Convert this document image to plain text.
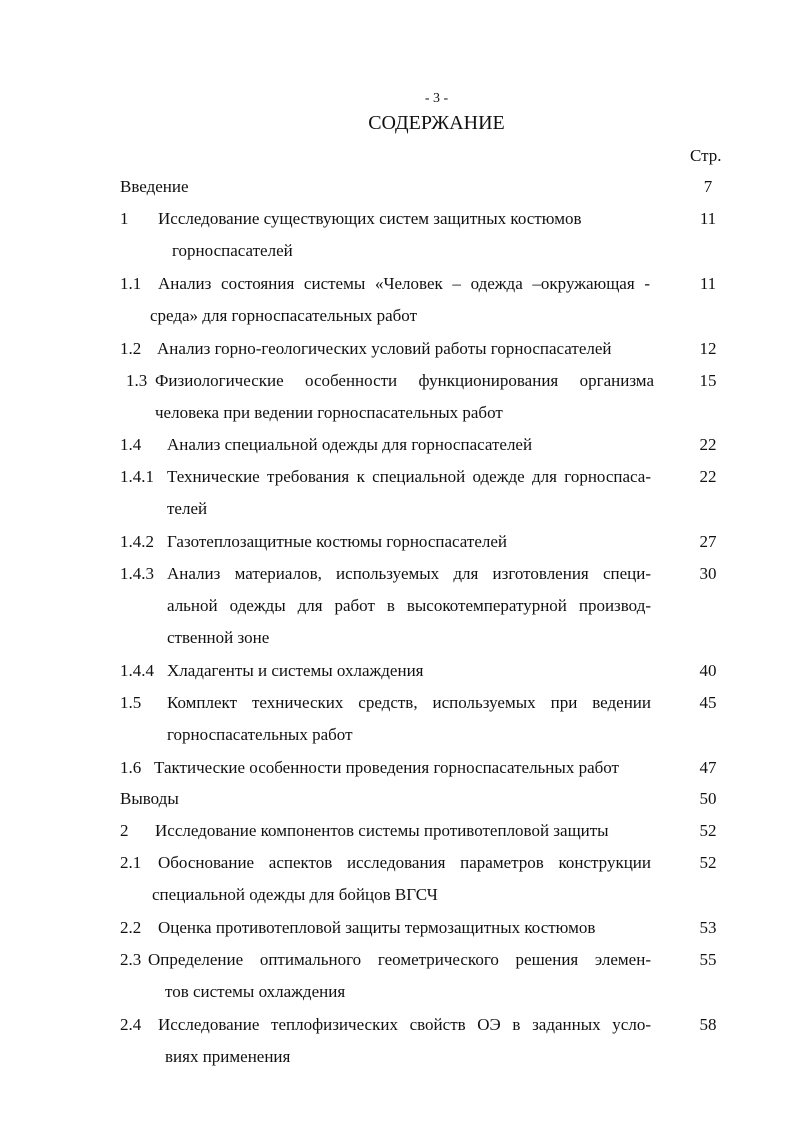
- 3 -
СОДЕРЖАНИЕ
Стр.
Введение	7
1 Исследование существующих систем защитных костюмов
горноспасателей
11
1.1 Анализ состояния системы «Человек – одежда –окружающая -
среда» для горноспасательных работ
11
1.2 Анализ горно-геологических условий работы горноспасателей	12
1.3 Физиологические особенности функционирования организма
человека при ведении горноспасательных работ
15
1.4 Анализ специальной одежды для горноспасателей	22
1.4.1 Технические требования к специальной одежде для горноспаса-
телей
22
1.4.2 Газотеплозащитные костюмы горноспасателей	27
1.4.3 Анализ материалов, используемых для изготовления специ-
альной одежды для работ в высокотемпературной производ-
ственной зоне
30
1.4.4 Хладагенты и системы охлаждения	40
1.5 Комплект технических средств, используемых при ведении
горноспасательных работ
45
1.6 Тактические особенности проведения горноспасательных работ	47
Выводы	50
2 Исследование компонентов системы противотепловой защиты	52
2.1 Обоснование аспектов исследования параметров конструкции
специальной одежды для бойцов ВГСЧ
52
2.2 Оценка противотепловой защиты термозащитных костюмов	53
2.3 Определение оптимального геометрического решения элемен-
тов системы охлаждения
55
2.4 Исследование теплофизических свойств ОЭ в заданных усло-
виях применения
58
